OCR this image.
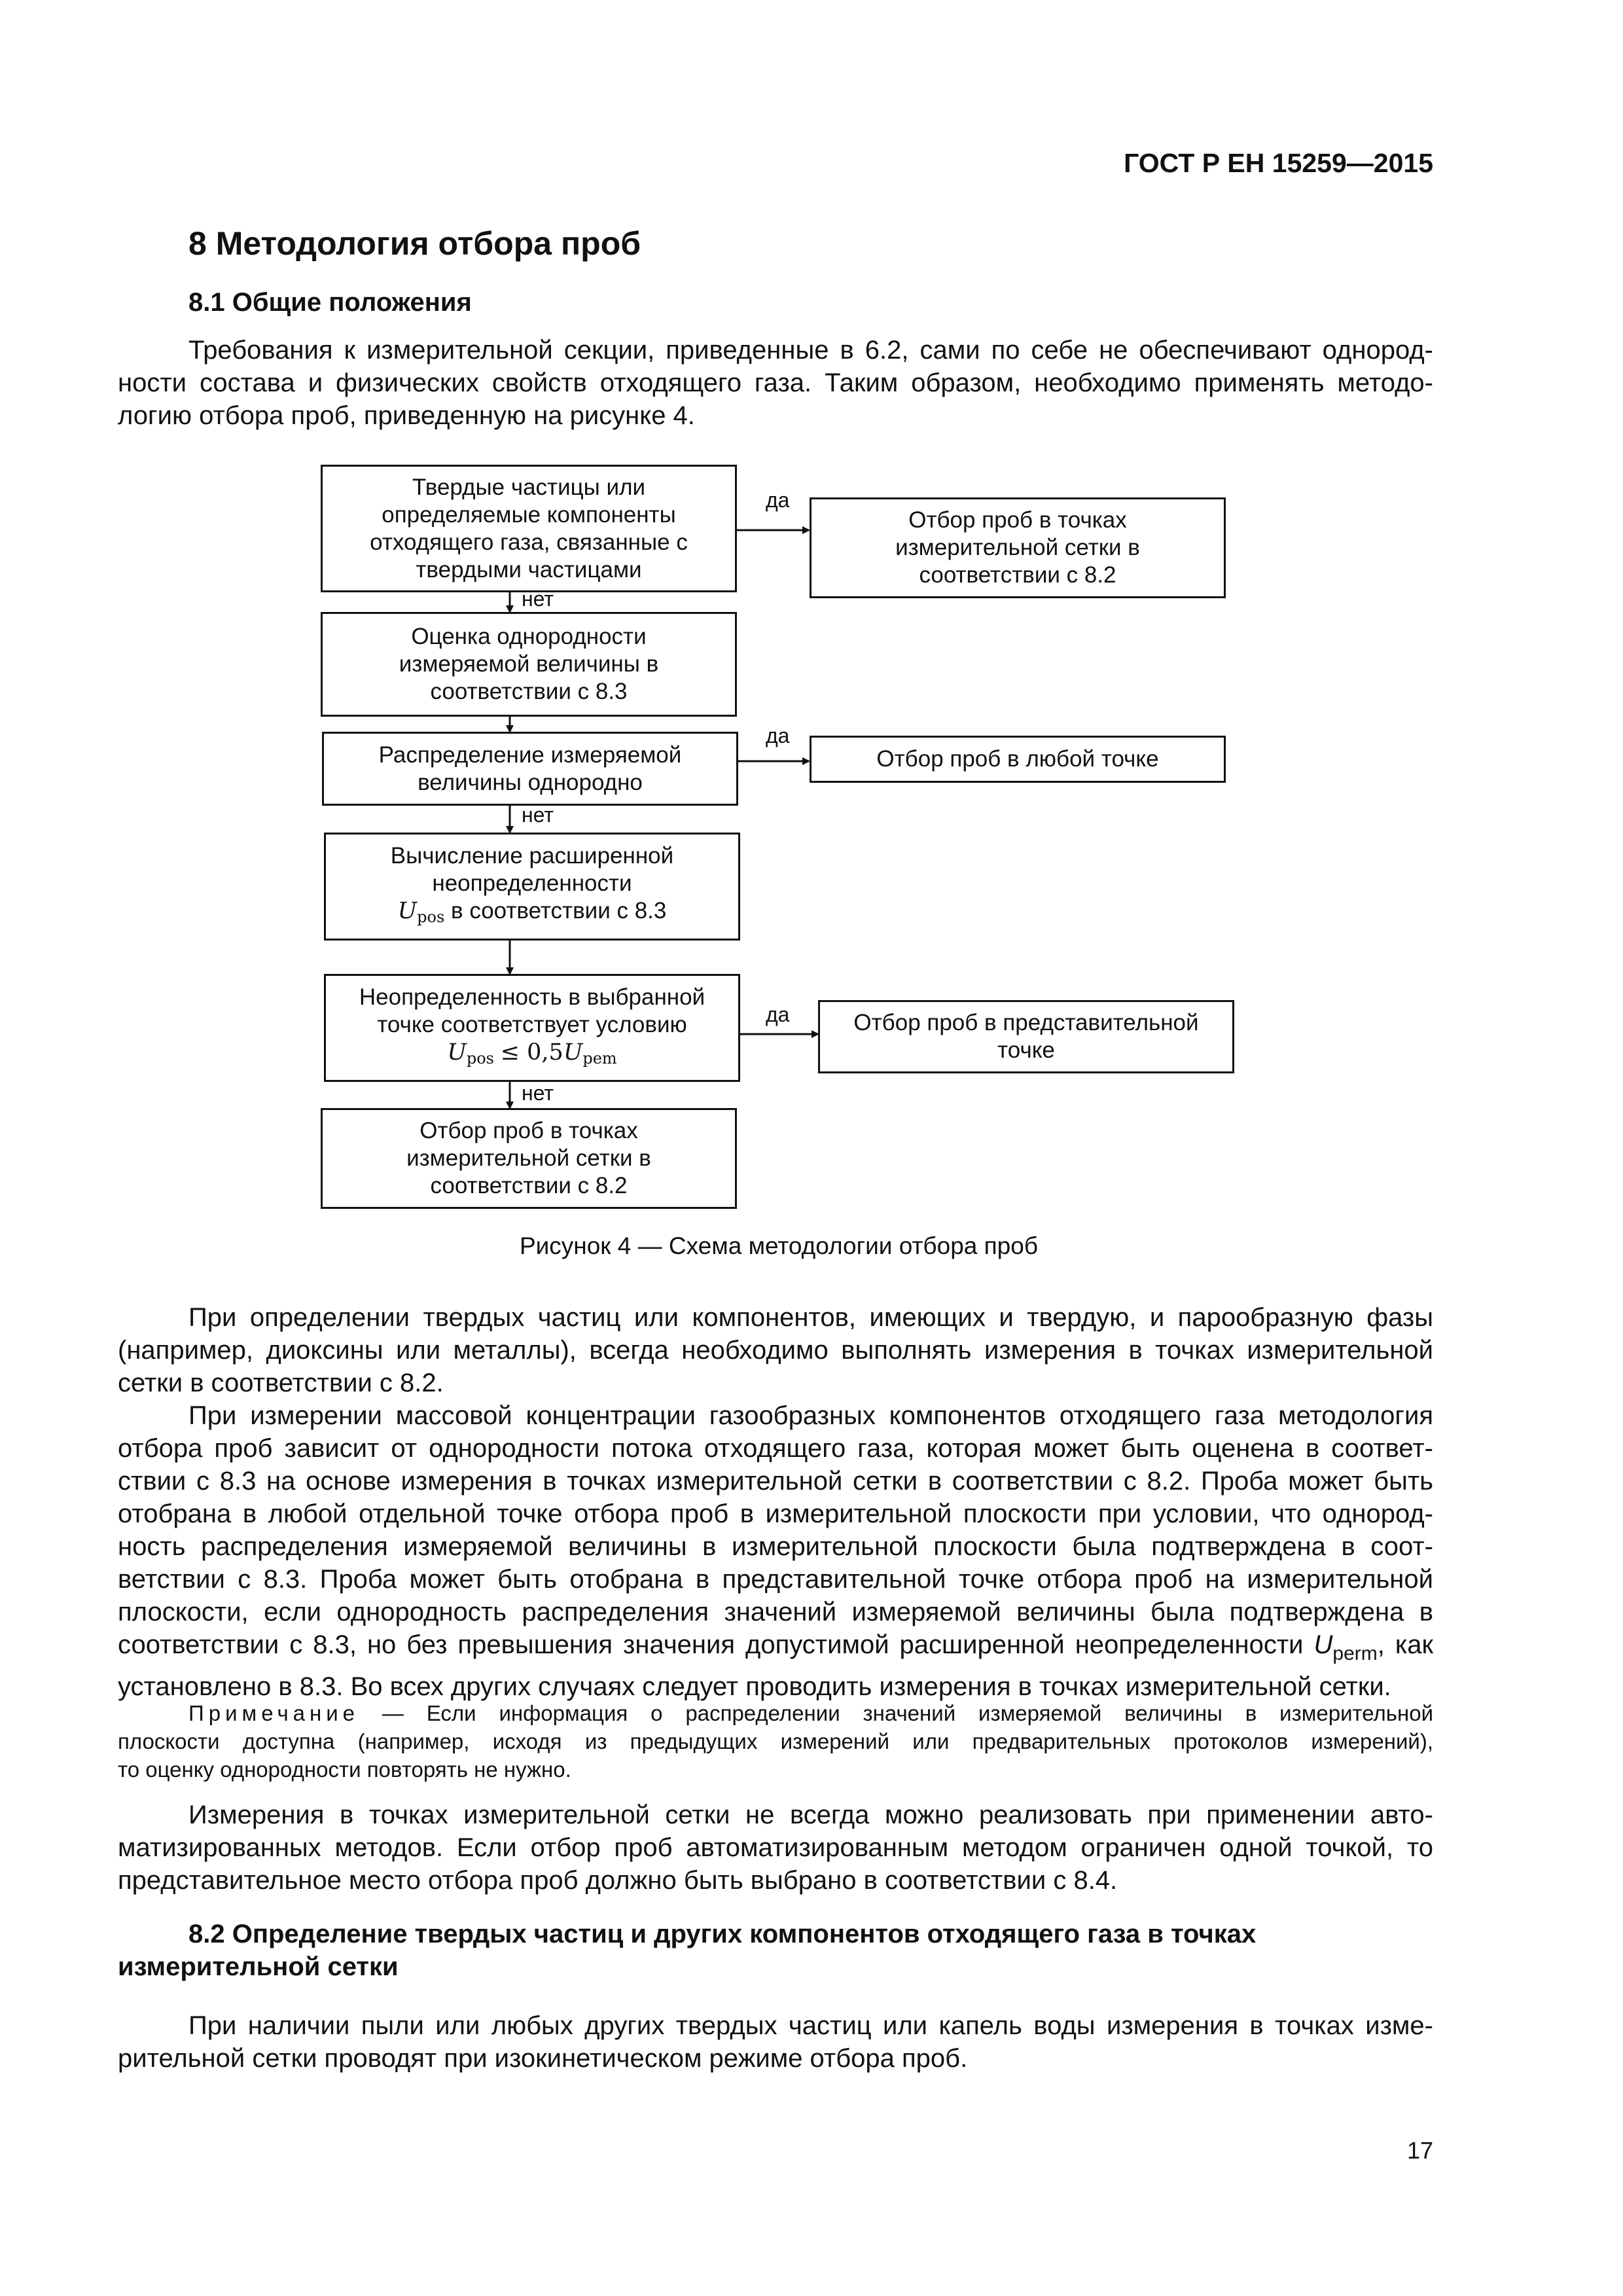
ГОСТ Р ЕН 15259—2015
8 Методология отбора проб
8.1 Общие положения
Требования к измерительной секции, приведенные в 6.2, сами по себе не обеспечивают однород-
ности состава и физических свойств отходящего газа. Таким образом, необходимо применять методо-
логию отбора проб, приведенную на рисунке 4.
Твердые частицы или определяемые компоненты отходящего газа, связанные с твердыми частицами
Отбор проб в точках измерительной сетки в соответствии с 8.2
Оценка однородности измеряемой величины в соответствии с 8.3
Распределение измеряемой величины однородно
Отбор проб в любой точке
Вычисление расширенной неопределенности
$U_{pos}$ в соответствии с 8.3
Неопределенность в выбранной точке соответствует условию
$U_{pos} \le 0,5U_{pem}$
Отбор проб в представительной точке
Отбор проб в точках измерительной сетки в соответствии с 8.2
да
нет
да
нет
да
нет
Рисунок 4 — Схема методологии отбора проб
При определении твердых частиц или компонентов, имеющих и твердую, и парообразную фазы
(например, диоксины или металлы), всегда необходимо выполнять измерения в точках измерительной
сетки в соответствии с 8.2.
При измерении массовой концентрации газообразных компонентов отходящего газа методология
отбора проб зависит от однородности потока отходящего газа, которая может быть оценена в соответ-
ствии с 8.3 на основе измерения в точках измерительной сетки в соответствии с 8.2. Проба может быть
отобрана в любой отдельной точке отбора проб в измерительной плоскости при условии, что однород-
ность распределения измеряемой величины в измерительной плоскости была подтверждена в соот-
ветствии с 8.3. Проба может быть отобрана в представительной точке отбора проб на измерительной
плоскости, если однородность распределения значений измеряемой величины была подтверждена в
соответствии с 8.3, но без превышения значения допустимой расширенной неопределенности $U_{perm}$, как
установлено в 8.3. Во всех других случаях следует проводить измерения в точках измерительной сетки.
Примечание — Если информация о распределении значений измеряемой величины в измерительной
плоскости доступна (например, исходя из предыдущих измерений или предварительных протоколов измерений),
то оценку однородности повторять не нужно.
Измерения в точках измерительной сетки не всегда можно реализовать при применении авто-
матизированных методов. Если отбор проб автоматизированным методом ограничен одной точкой, то
представительное место отбора проб должно быть выбрано в соответствии с 8.4.
8.2 Определение твердых частиц и других компонентов отходящего газа в точках
измерительной сетки
При наличии пыли или любых других твердых частиц или капель воды измерения в точках изме-
рительной сетки проводят при изокинетическом режиме отбора проб.
17
